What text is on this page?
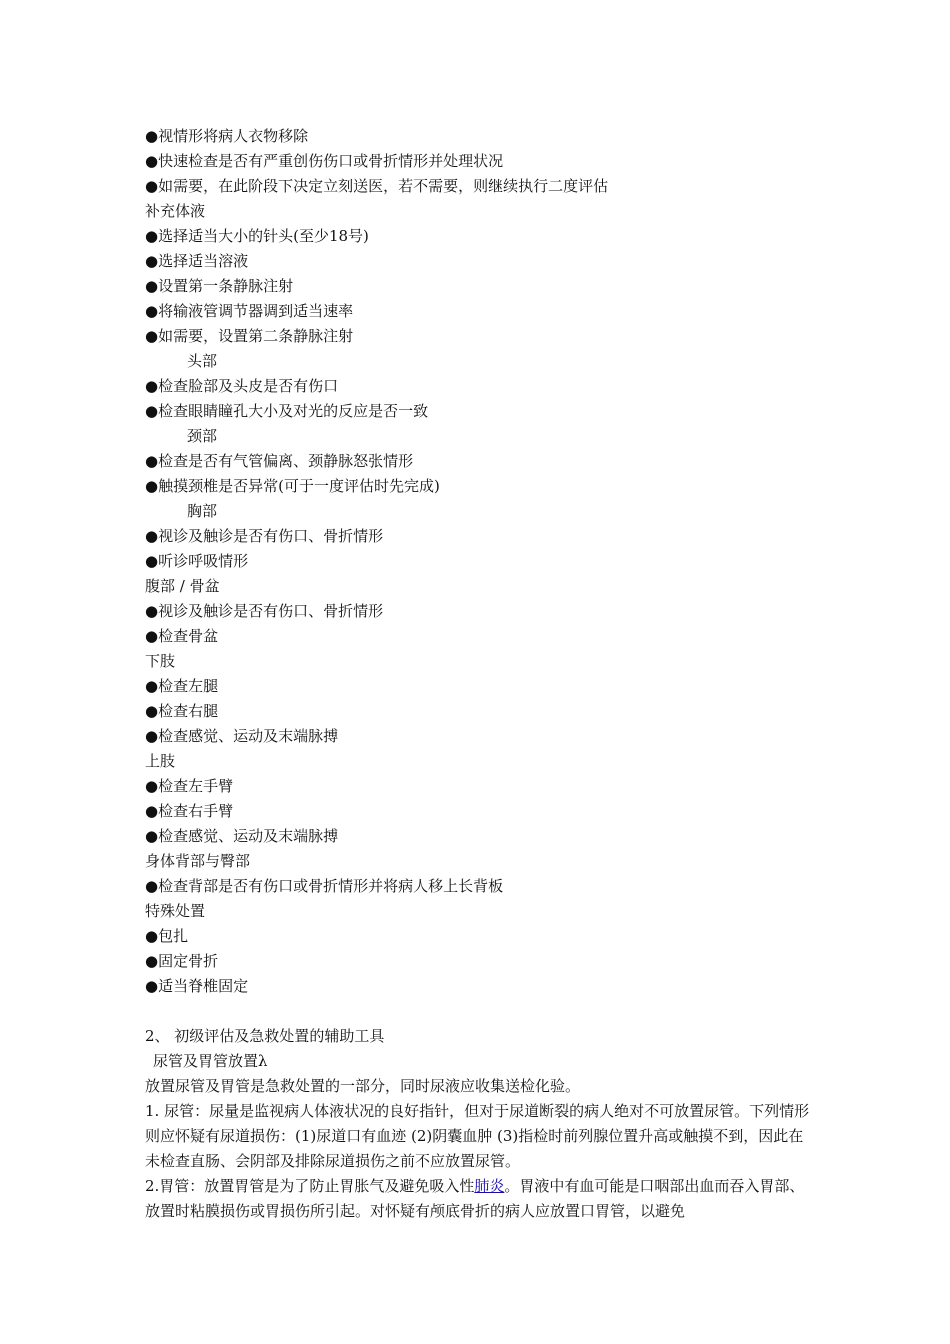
●视情形将病人衣物移除
●快速检查是否有严重创伤伤口或骨折情形并处理状况
●如需要，在此阶段下决定立刻送医，若不需要，则继续执行二度评估
补充体液
●选择适当大小的针头(至少18号)
●选择适当溶液
●设置第一条静脉注射
●将输液管调节器调到适当速率
●如需要，设置第二条静脉注射
头部
●检查脸部及头皮是否有伤口
●检查眼睛瞳孔大小及对光的反应是否一致
颈部
●检查是否有气管偏离、颈静脉怒张情形
●触摸颈椎是否异常(可于一度评估时先完成)
胸部
●视诊及触诊是否有伤口、骨折情形
●听诊呼吸情形
腹部 / 骨盆
●视诊及触诊是否有伤口、骨折情形
●检查骨盆
下肢
●检查左腿
●检查右腿
●检查感觉、运动及末端脉搏
上肢
●检查左手臂
●检查右手臂
●检查感觉、运动及末端脉搏
身体背部与臀部
●检查背部是否有伤口或骨折情形并将病人移上长背板
特殊处置
●包扎
●固定骨折
●适当脊椎固定
2、 初级评估及急救处置的辅助工具
尿管及胃管放置λ
放置尿管及胃管是急救处置的一部分，同时尿液应收集送检化验。
1. 尿管：尿量是监视病人体液状况的良好指针，但对于尿道断裂的病人绝对不可放置尿管。下列情形则应怀疑有尿道损伤：(1)尿道口有血迹 (2)阴囊血肿 (3)指检时前列腺位置升高或触摸不到，因此在未检查直肠、会阴部及排除尿道损伤之前不应放置尿管。
2.胃管：放置胃管是为了防止胃胀气及避免吸入性肺炎。胃液中有血可能是口咽部出血而吞入胃部、放置时粘膜损伤或胃损伤所引起。对怀疑有颅底骨折的病人应放置口胃管，以避免
